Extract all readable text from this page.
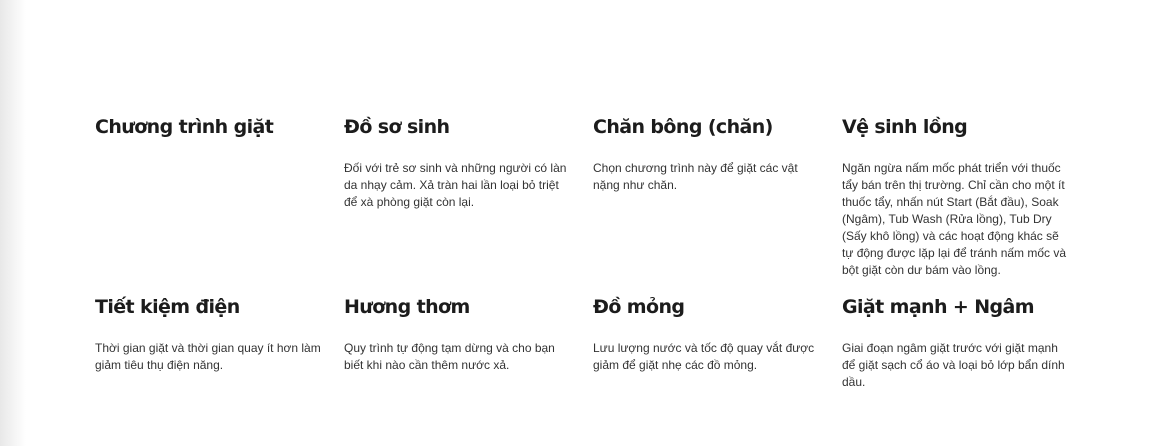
Chương trình giặt	Đồ sơ sinh

Đối với trẻ sơ sinh và những người có làn da nhạy cảm. Xả tràn hai lần loại bỏ triệt để xà phòng giặt còn lại.

Chăn bông (chăn)

Chọn chương trình này để giặt các vật nặng như chăn.

Vệ sinh lồng

Ngăn ngừa nấm mốc phát triển với thuốc tẩy bán trên thị trường. Chỉ cần cho một ít thuốc tẩy, nhấn nút Start (Bắt đầu), Soak (Ngâm), Tub Wash (Rửa lồng), Tub Dry (Sấy khô lồng) và các hoạt động khác sẽ tự động được lặp lại để tránh nấm mốc và bột giặt còn dư bám vào lồng.

Tiết kiệm điện

Thời gian giặt và thời gian quay ít hơn làm giảm tiêu thụ điện năng.

Hương thơm

Quy trình tự động tạm dừng và cho bạn biết khi nào cần thêm nước xả.

Đồ mỏng

Lưu lượng nước và tốc độ quay vắt được giảm để giặt nhẹ các đồ mỏng.

Giặt mạnh + Ngâm

Giai đoạn ngâm giặt trước với giặt mạnh để giặt sạch cổ áo và loại bỏ lớp bẩn dính dầu.
